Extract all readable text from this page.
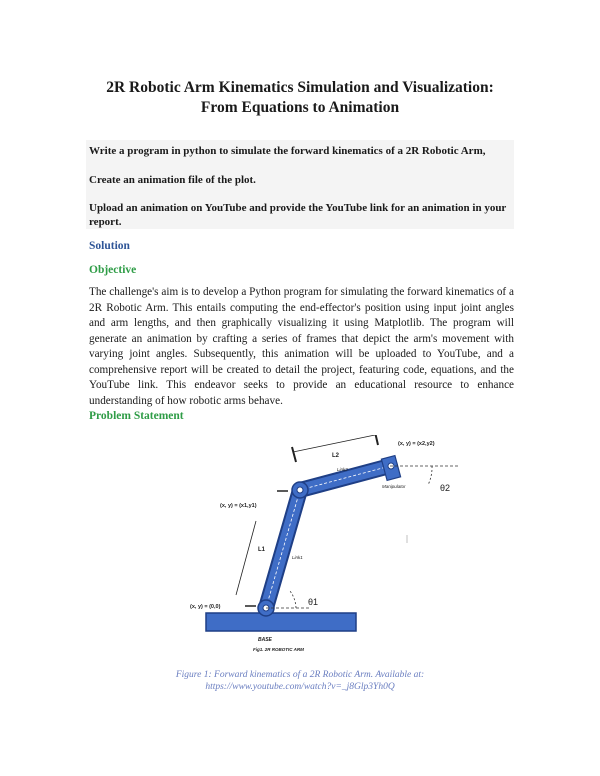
2R Robotic Arm Kinematics Simulation and Visualization:
From Equations to Animation
Write a program in python to simulate the forward kinematics of a 2R Robotic Arm,
Create an animation file of the plot.
Upload an animation on YouTube and provide the YouTube link for an animation in your report.
Solution
Objective
The challenge's aim is to develop a Python program for simulating the forward kinematics of a 2R Robotic Arm. This entails computing the end-effector's position using input joint angles and arm lengths, and then graphically visualizing it using Matplotlib. The program will generate an animation by crafting a series of frames that depict the arm's movement with varying joint angles. Subsequently, this animation will be uploaded to YouTube, and a comprehensive report will be created to detail the project, featuring code, equations, and the YouTube link. This endeavor seeks to provide an educational resource to enhance understanding of how robotic arms behave.
Problem Statement
(x, y) = (x2,y2)
L2
Link2
Manipulator	θ2
(x, y) = (x1,y1)
L1
Link1
(x, y) = (0,0)	θ1
BASE
Fig1. 2R ROBOTIC ARM
Figure 1: Forward kinematics of a 2R Robotic Arm. Available at:
https://www.youtube.com/watch?v=_j8Glp3Yh0Q
